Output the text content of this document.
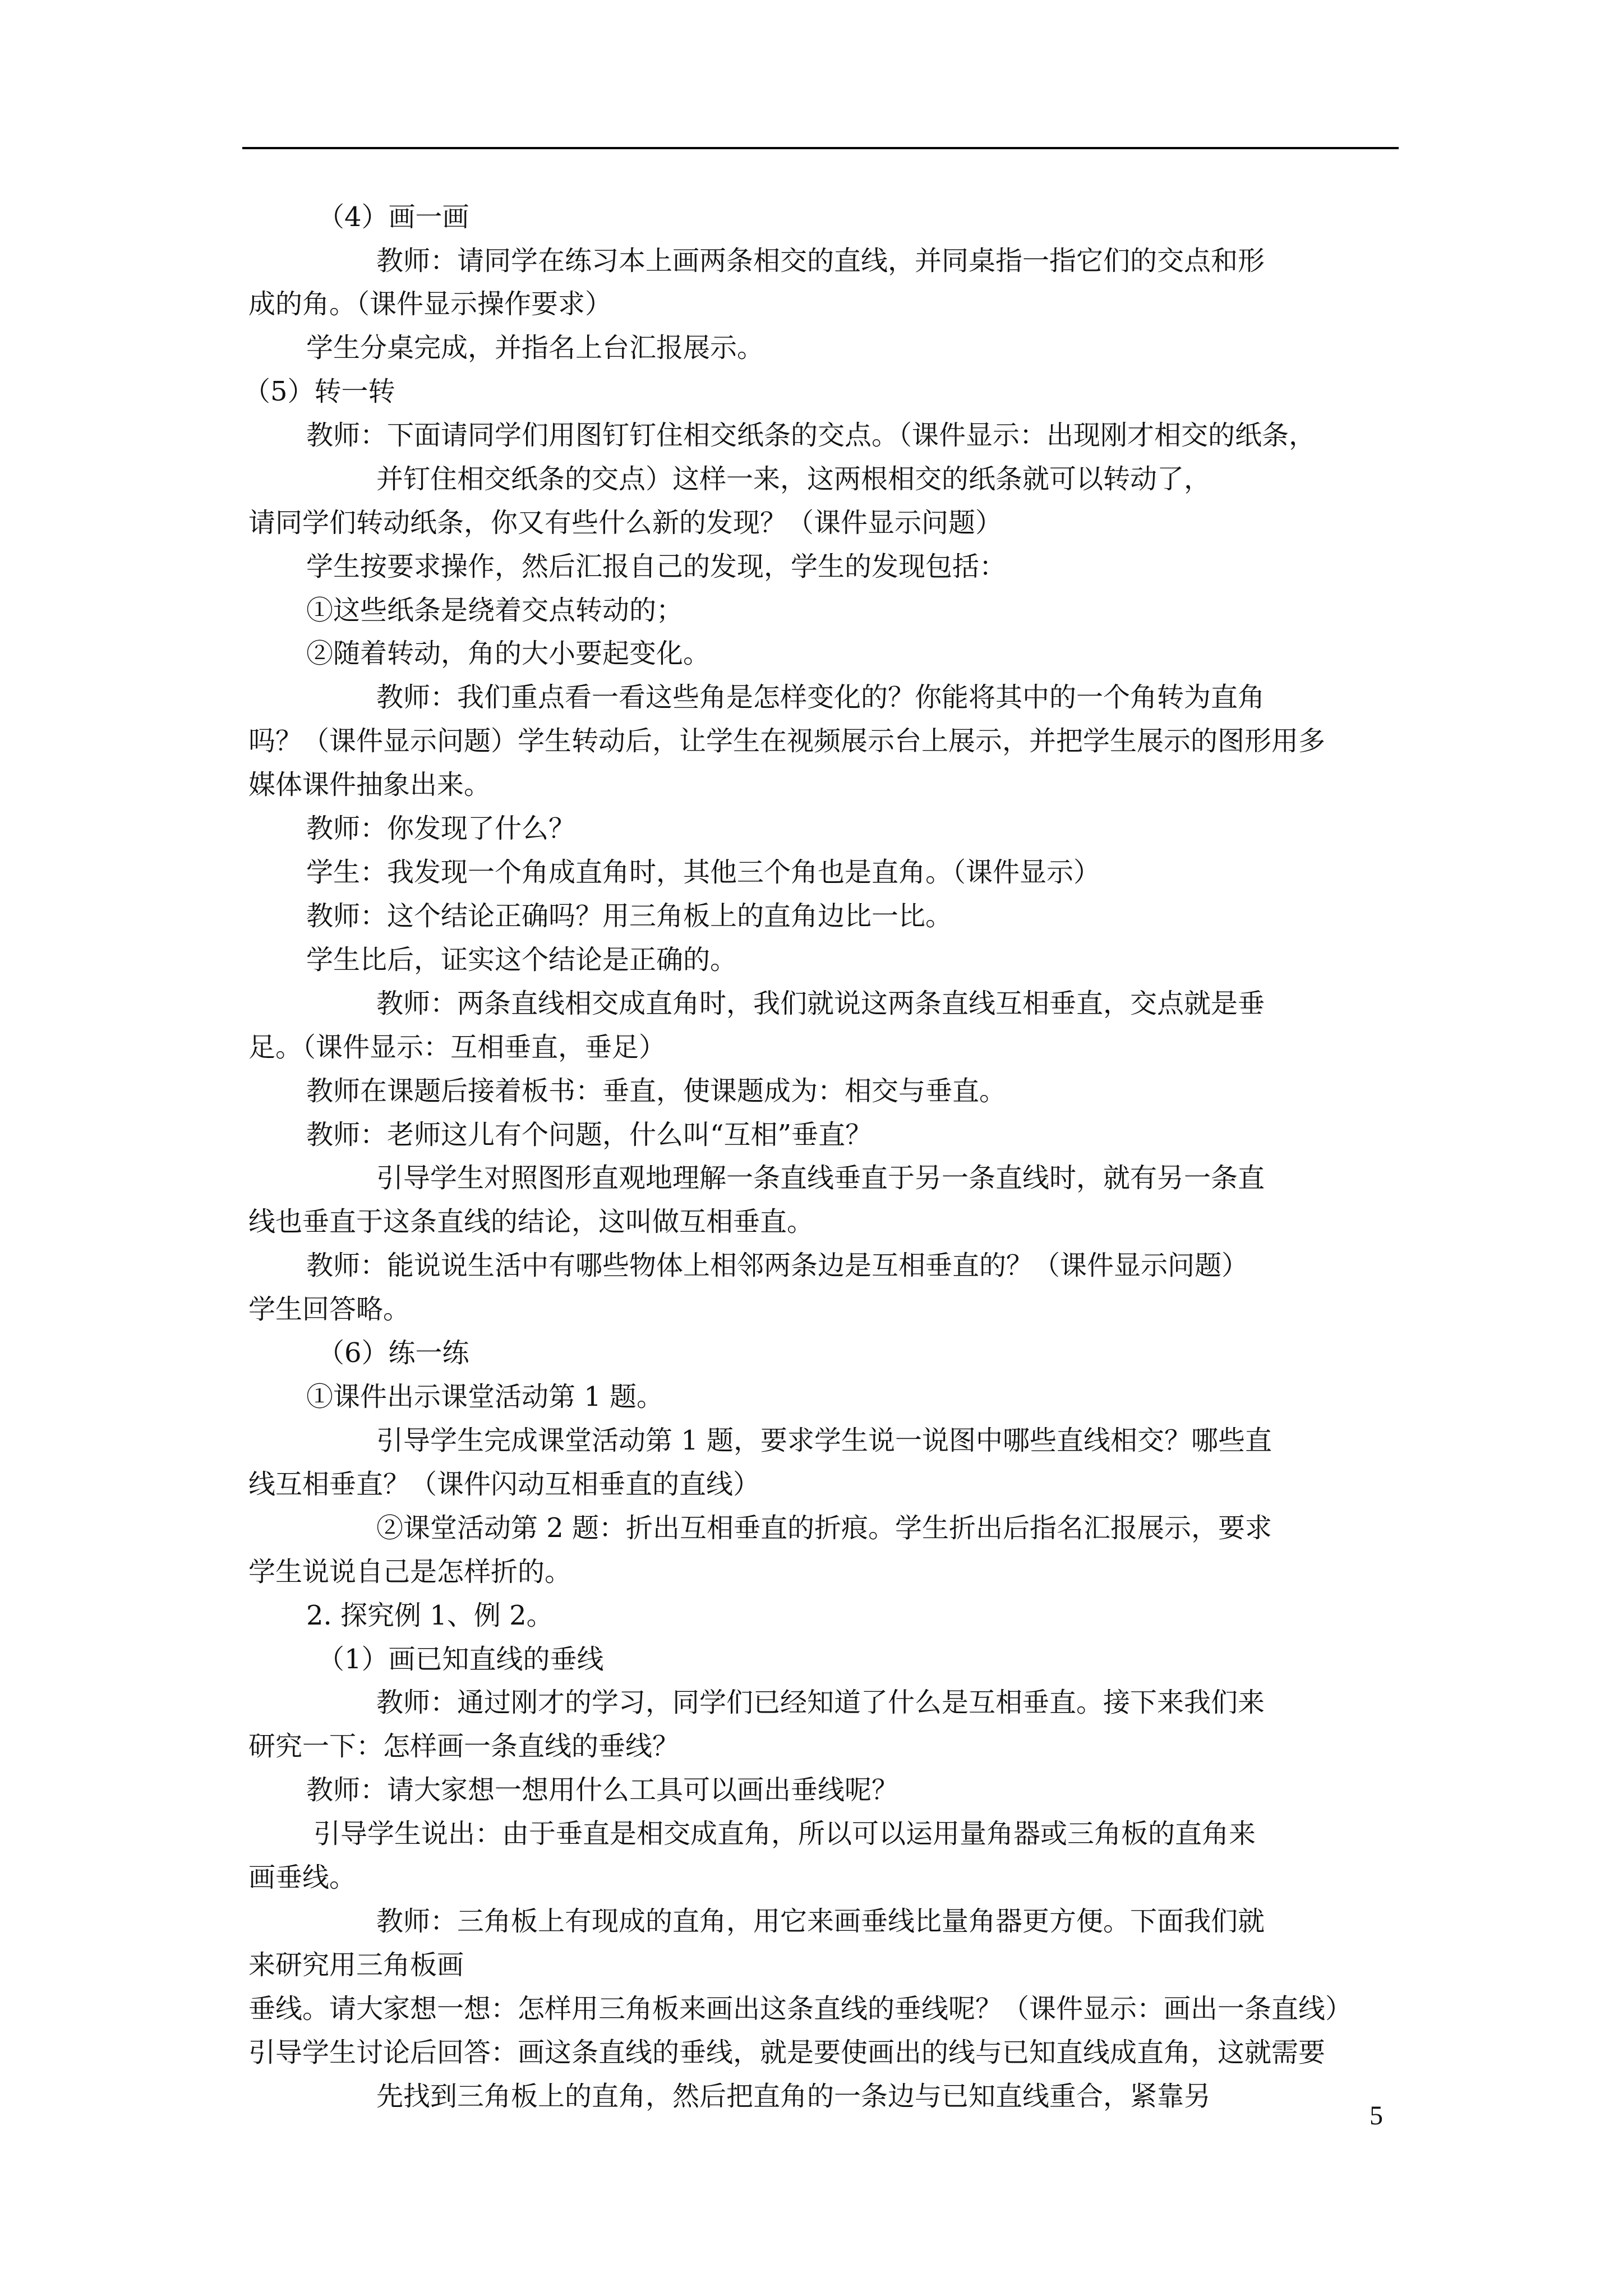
（4）画一画
教师：请同学在练习本上画两条相交的直线，并同桌指一指它们的交点和形
成的角。（课件显示操作要求）
学生分桌完成，并指名上台汇报展示。
（5）转一转
教师：下面请同学们用图钉钉住相交纸条的交点。（课件显示：出现刚才相交的纸条，
并钉住相交纸条的交点）这样一来，这两根相交的纸条就可以转动了，
请同学们转动纸条，你又有些什么新的发现？（课件显示问题）
学生按要求操作，然后汇报自己的发现，学生的发现包括：
①这些纸条是绕着交点转动的；
②随着转动，角的大小要起变化。
教师：我们重点看一看这些角是怎样变化的？你能将其中的一个角转为直角
吗？（课件显示问题）学生转动后，让学生在视频展示台上展示，并把学生展示的图形用多
媒体课件抽象出来。
教师：你发现了什么？
学生：我发现一个角成直角时，其他三个角也是直角。（课件显示）
教师：这个结论正确吗？用三角板上的直角边比一比。
学生比后，证实这个结论是正确的。
教师：两条直线相交成直角时，我们就说这两条直线互相垂直，交点就是垂
足。（课件显示：互相垂直，垂足）
教师在课题后接着板书：垂直，使课题成为：相交与垂直。
教师：老师这儿有个问题，什么叫“互相”垂直？
引导学生对照图形直观地理解一条直线垂直于另一条直线时，就有另一条直
线也垂直于这条直线的结论，这叫做互相垂直。
教师：能说说生活中有哪些物体上相邻两条边是互相垂直的？（课件显示问题）
学生回答略。
（6）练一练
①课件出示课堂活动第 1 题。
引导学生完成课堂活动第 1 题，要求学生说一说图中哪些直线相交？哪些直
线互相垂直？（课件闪动互相垂直的直线）
②课堂活动第 2 题：折出互相垂直的折痕。学生折出后指名汇报展示，要求
学生说说自己是怎样折的。
2. 探究例 1、例 2。
（1）画已知直线的垂线
教师：通过刚才的学习，同学们已经知道了什么是互相垂直。接下来我们来
研究一下：怎样画一条直线的垂线？
教师：请大家想一想用什么工具可以画出垂线呢？
引导学生说出：由于垂直是相交成直角，所以可以运用量角器或三角板的直角来
画垂线。
教师：三角板上有现成的直角，用它来画垂线比量角器更方便。下面我们就
来研究用三角板画
垂线。请大家想一想：怎样用三角板来画出这条直线的垂线呢？（课件显示：画出一条直线）
引导学生讨论后回答：画这条直线的垂线，就是要使画出的线与已知直线成直角，这就需要
先找到三角板上的直角，然后把直角的一条边与已知直线重合，紧靠另
5
